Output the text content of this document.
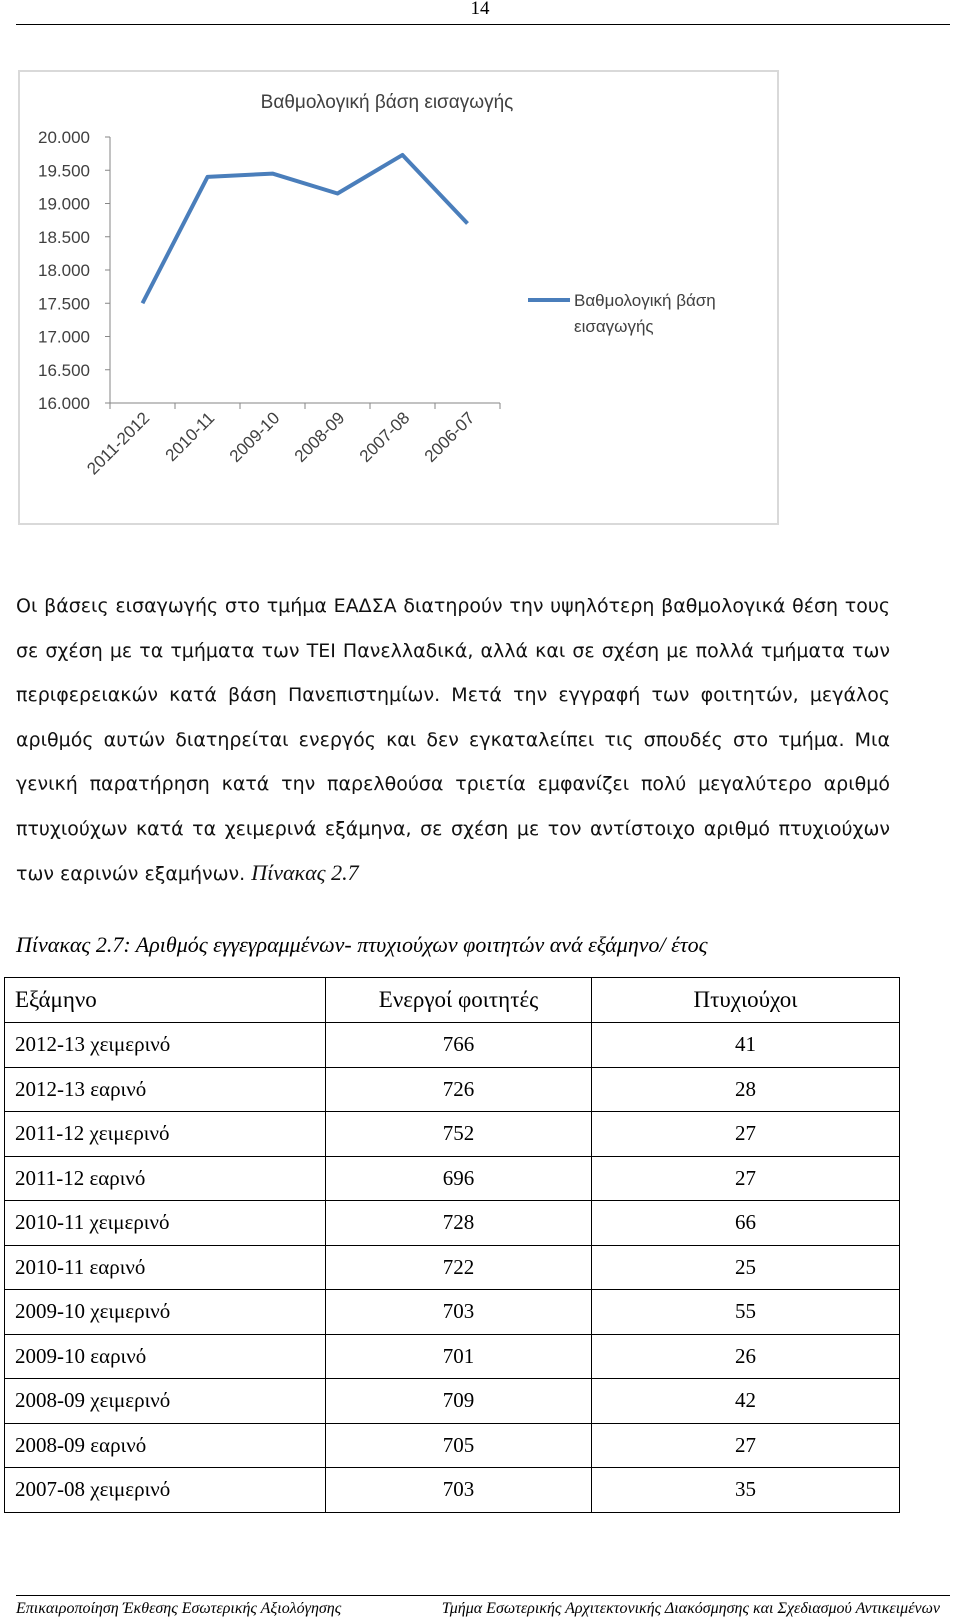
14
Βαθμολογική βάση εισαγωγής
20.000
19.500
19.000
18.500
18.000
17.500
17.000
16.500
16.000
2011-2012 2010-11 2009-10 2008-09 2007-08 2006-07
Βαθμολογική βάση
εισαγωγής
Οι βάσεις εισαγωγής στο τμήμα ΕΑΔΣΑ διατηρούν την υψηλότερη βαθμολογικά θέση τους σε σχέση με τα τμήματα των ΤΕΙ Πανελλαδικά, αλλά και σε σχέση με πολλά τμήματα των περιφερειακών κατά βάση Πανεπιστημίων. Μετά την εγγραφή των φοιτητών, μεγάλος αριθμός αυτών διατηρείται ενεργός και δεν εγκαταλείπει τις σπουδές στο τμήμα. Μια γενική παρατήρηση κατά την παρελθούσα τριετία εμφανίζει πολύ μεγαλύτερο αριθμό πτυχιούχων κατά τα χειμερινά εξάμηνα, σε σχέση με τον αντίστοιχο αριθμό πτυχιούχων των εαρινών εξαμήνων. Πίνακας 2.7
Πίνακας 2.7: Αριθμός εγγεγραμμένων- πτυχιούχων φοιτητών ανά εξάμηνο/ έτος
Εξάμηνο	Ενεργοί φοιτητές	Πτυχιούχοι
2012-13 χειμερινό	766	41
2012-13 εαρινό	726	28
2011-12 χειμερινό	752	27
2011-12 εαρινό	696	27
2010-11 χειμερινό	728	66
2010-11 εαρινό	722	25
2009-10 χειμερινό	703	55
2009-10 εαρινό	701	26
2008-09 χειμερινό	709	42
2008-09 εαρινό	705	27
2007-08 χειμερινό	703	35
Επικαιροποίηση Έκθεσης Εσωτερικής Αξιολόγησης	Τμήμα Εσωτερικής Αρχιτεκτονικής Διακόσμησης και Σχεδιασμού Αντικειμένων
